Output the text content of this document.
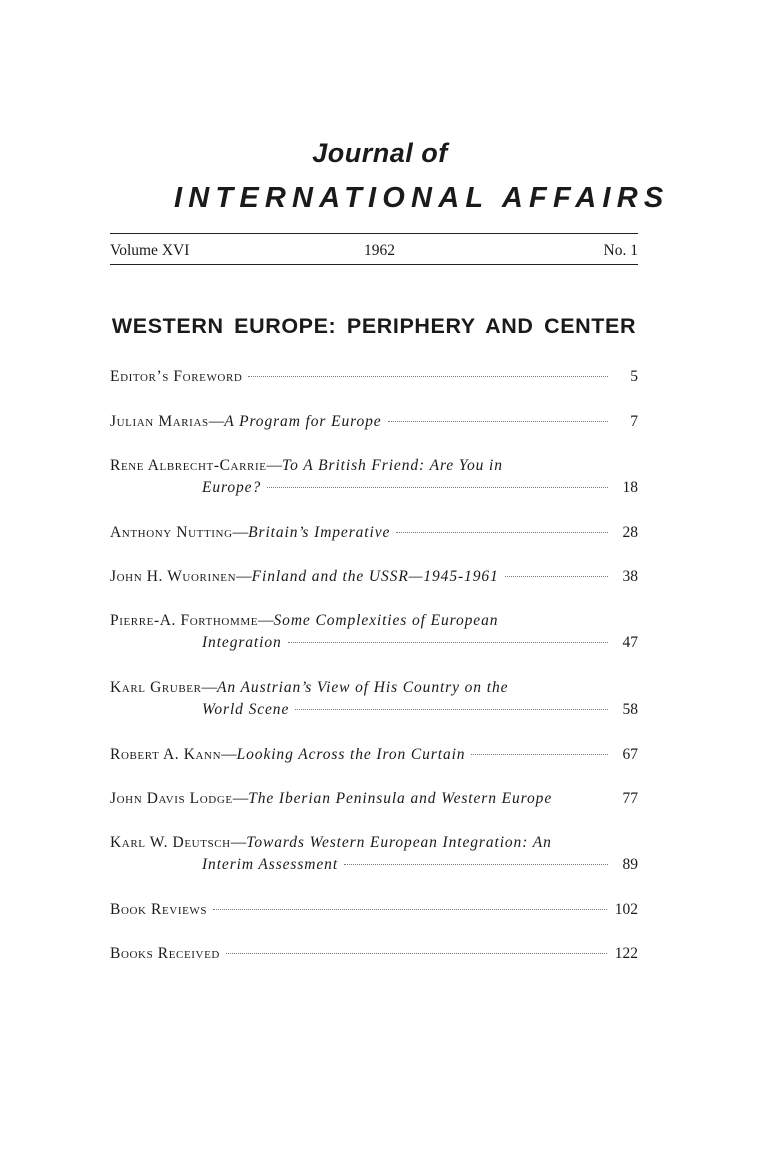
Journal of
INTERNATIONAL AFFAIRS
Volume XVI	1962	No. 1
WESTERN EUROPE: PERIPHERY AND CENTER
Editor’s Foreword	5
Julian Marias — A Program for Europe	7
Rene Albrecht-Carrie — To A British Friend: Are You in
Europe?	18
Anthony Nutting — Britain’s Imperative	28
John H. Wuorinen — Finland and the USSR—1945-1961	38
Pierre-A. Forthomme — Some Complexities of European
Integration	47
Karl Gruber — An Austrian’s View of His Country on the
World Scene	58
Robert A. Kann — Looking Across the Iron Curtain	67
John Davis Lodge — The Iberian Peninsula and Western Europe	77
Karl W. Deutsch — Towards Western European Integration: An
Interim Assessment	89
Book Reviews	102
Books Received	122
